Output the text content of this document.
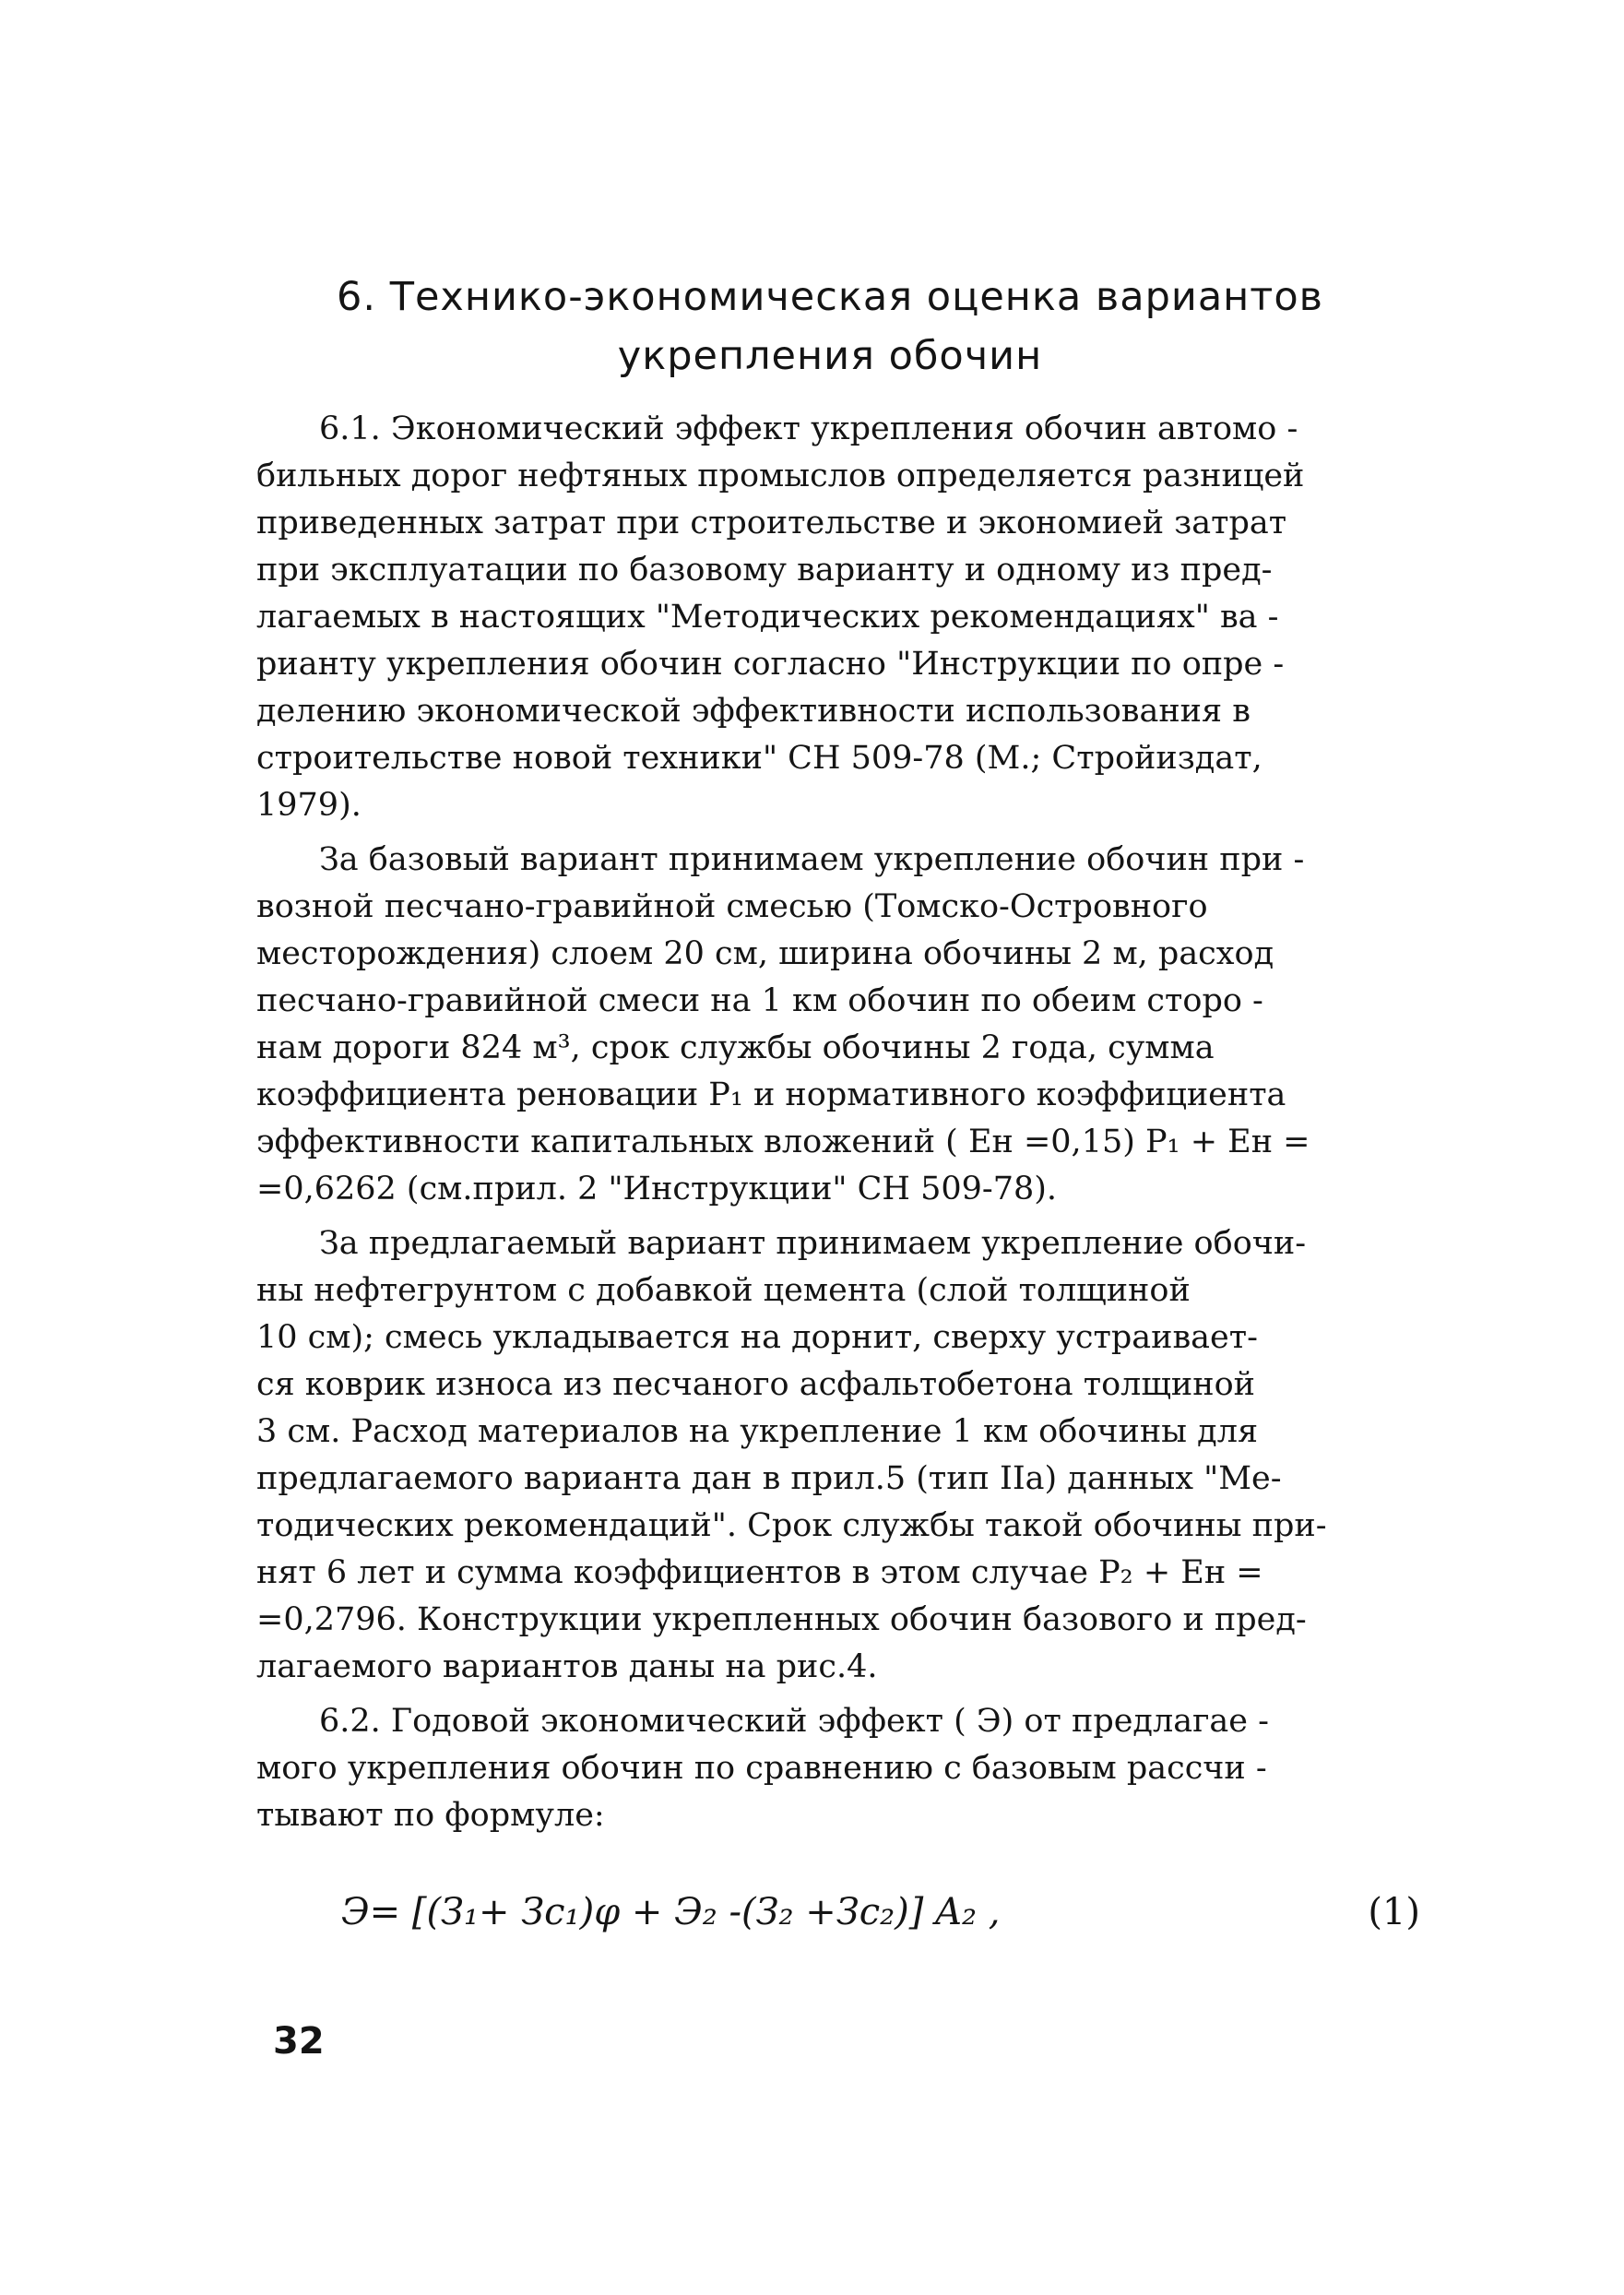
6. Технико-экономическая оценка вариантов
укрепления обочин
6.1. Экономический эффект укрепления обочин автомо -
бильных дорог нефтяных промыслов определяется разницей
приведенных затрат при строительстве и экономией затрат
при эксплуатации по базовому варианту и одному из пред-
лагаемых в настоящих "Методических рекомендациях" ва -
рианту укрепления обочин согласно "Инструкции по опре -
делению экономической эффективности использования в
строительстве новой техники" СН 509-78 (М.; Стройиздат,
1979).
За базовый вариант принимаем укрепление обочин при -
возной песчано-гравийной смесью (Томско-Островного
месторождения) слоем 20 см, ширина обочины 2 м, расход
песчано-гравийной смеси на 1 км обочин по обеим сторо -
нам дороги 824 м³, срок службы обочины 2 года, сумма
коэффициента реновации P₁ и нормативного коэффициента
эффективности капитальных вложений ( Eн =0,15) P₁ + Eн =
=0,6262 (см.прил. 2 "Инструкции" СН 509-78).
За предлагаемый вариант принимаем укрепление обочи-
ны нефтегрунтом с добавкой цемента (слой толщиной
10 см); смесь укладывается на дорнит, сверху устраивает-
ся коврик износа из песчаного асфальтобетона толщиной
3 см. Расход материалов на укрепление 1 км обочины для
предлагаемого варианта дан в прил.5 (тип IIа) данных "Ме-
тодических рекомендаций". Срок службы такой обочины при-
нят 6 лет и сумма коэффициентов в этом случае P₂ + Eн =
=0,2796. Конструкции укрепленных обочин базового и пред-
лагаемого вариантов даны на рис.4.
6.2. Годовой экономический эффект ( Э) от предлагае -
мого укрепления обочин по сравнению с базовым рассчи -
тывают по формуле:
Э= [(З₁+ Зс₁)φ + Э₂ -(З₂ +Зс₂)] A₂ ,	(1)
32
